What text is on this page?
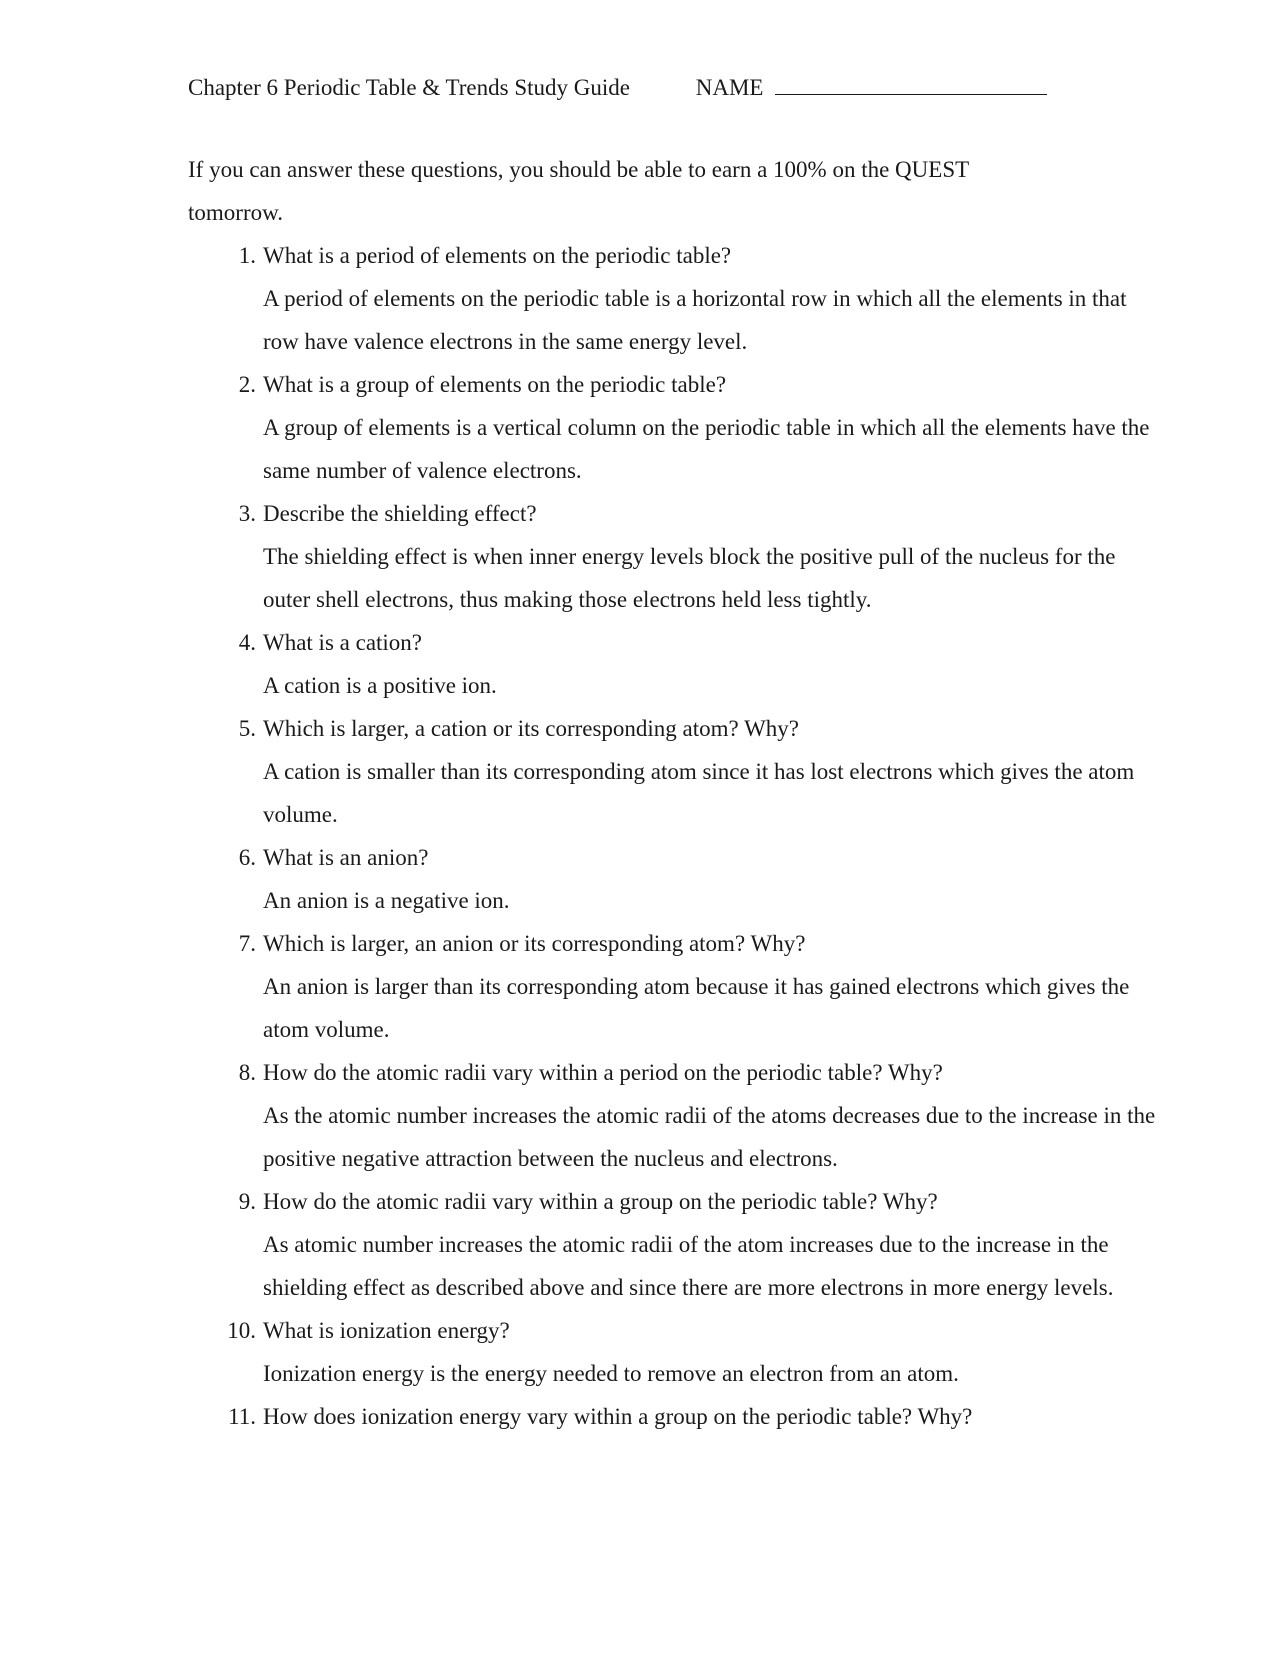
Chapter 6 Periodic Table & Trends Study Guide	NAME
If you can answer these questions, you should be able to earn a 100% on the QUEST tomorrow.
1. What is a period of elements on the periodic table?
A period of elements on the periodic table is a horizontal row in which all the elements in that row have valence electrons in the same energy level.
2. What is a group of elements on the periodic table?
A group of elements is a vertical column on the periodic table in which all the elements have the same number of valence electrons.
3. Describe the shielding effect?
The shielding effect is when inner energy levels block the positive pull of the nucleus for the outer shell electrons, thus making those electrons held less tightly.
4. What is a cation?
A cation is a positive ion.
5. Which is larger, a cation or its corresponding atom? Why?
A cation is smaller than its corresponding atom since it has lost electrons which gives the atom volume.
6. What is an anion?
An anion is a negative ion.
7. Which is larger, an anion or its corresponding atom? Why?
An anion is larger than its corresponding atom because it has gained electrons which gives the atom volume.
8. How do the atomic radii vary within a period on the periodic table? Why?
As the atomic number increases the atomic radii of the atoms decreases due to the increase in the positive negative attraction between the nucleus and electrons.
9. How do the atomic radii vary within a group on the periodic table? Why?
As atomic number increases the atomic radii of the atom increases due to the increase in the shielding effect as described above and since there are more electrons in more energy levels.
10. What is ionization energy?
Ionization energy is the energy needed to remove an electron from an atom.
11. How does ionization energy vary within a group on the periodic table? Why?
